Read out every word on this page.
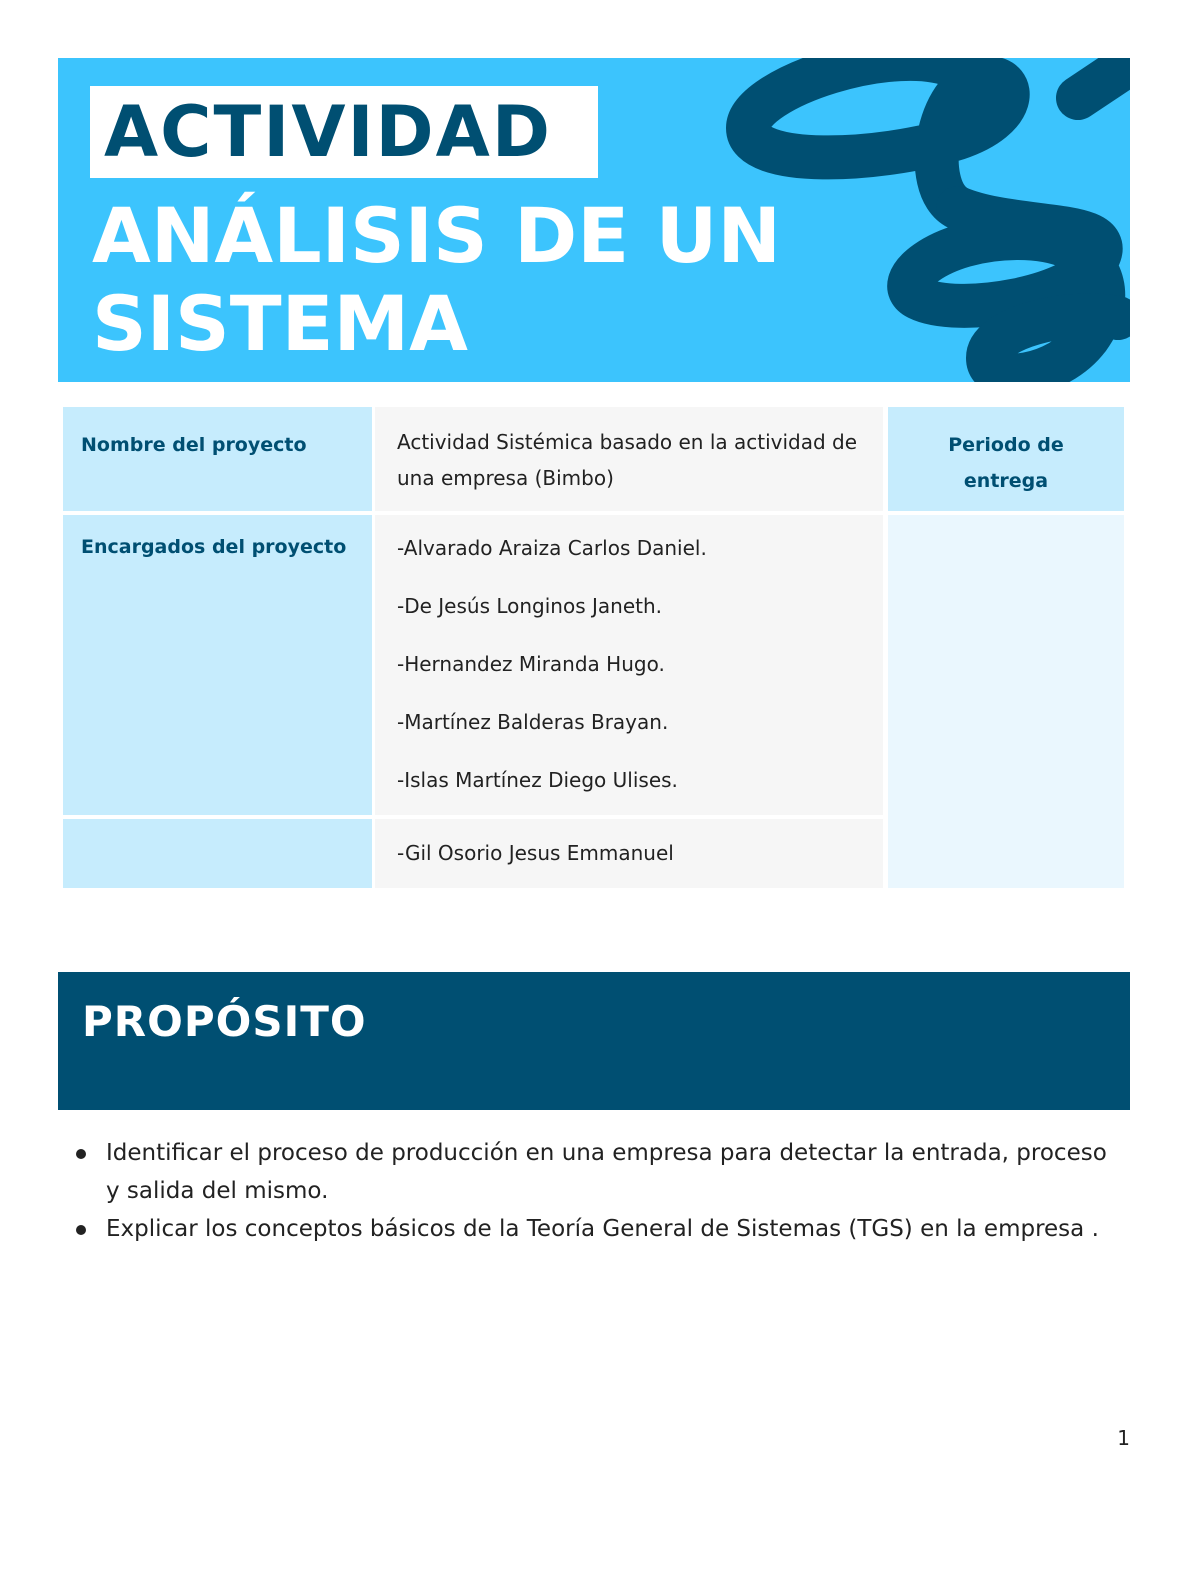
ACTIVIDAD
ANÁLISIS DE UN SISTEMA
Nombre del proyecto	Actividad Sistémica basado en la actividad de una empresa (Bimbo)
Periodo de entrega
Encargados del proyecto	-Alvarado Araiza Carlos Daniel.
-De Jesús Longinos Janeth.
-Hernandez Miranda Hugo.
-Martínez Balderas Brayan.
-Islas Martínez Diego Ulises.
-Gil Osorio Jesus Emmanuel
PROPÓSITO
Identificar el proceso de producción en una empresa para detectar la entrada, proceso y salida del mismo.
Explicar los conceptos básicos de la Teoría General de Sistemas (TGS) en la empresa .
1
